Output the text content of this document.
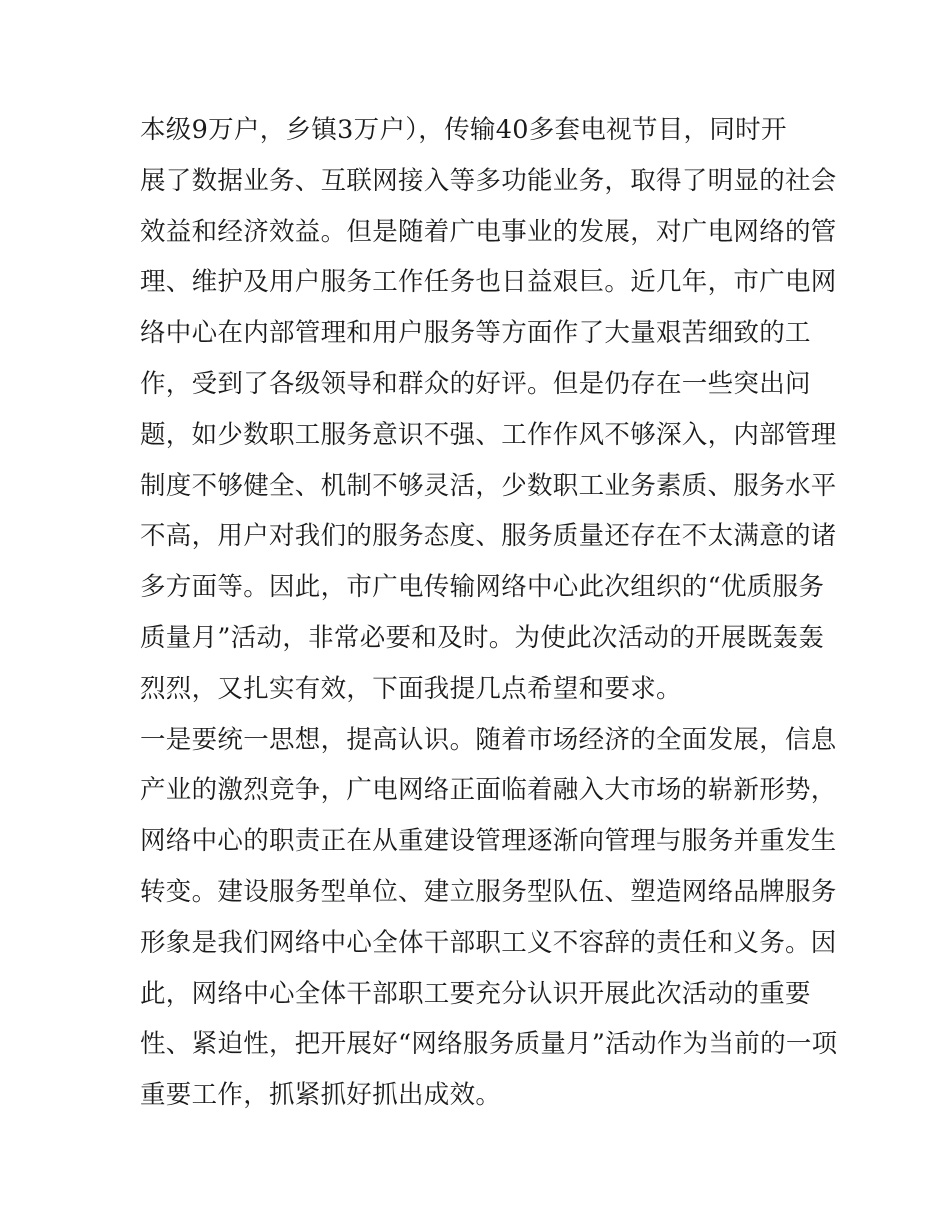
本级9万户，乡镇3万户），传输40多套电视节目，同时开
展了数据业务、互联网接入等多功能业务，取得了明显的社会
效益和经济效益。但是随着广电事业的发展，对广电网络的管
理、维护及用户服务工作任务也日益艰巨。近几年，市广电网
络中心在内部管理和用户服务等方面作了大量艰苦细致的工
作，受到了各级领导和群众的好评。但是仍存在一些突出问
题，如少数职工服务意识不强、工作作风不够深入，内部管理
制度不够健全、机制不够灵活，少数职工业务素质、服务水平
不高，用户对我们的服务态度、服务质量还存在不太满意的诸
多方面等。因此，市广电传输网络中心此次组织的“优质服务
质量月”活动，非常必要和及时。为使此次活动的开展既轰轰
烈烈，又扎实有效，下面我提几点希望和要求。
一是要统一思想，提高认识。随着市场经济的全面发展，信息
产业的激烈竞争，广电网络正面临着融入大市场的崭新形势，
网络中心的职责正在从重建设管理逐渐向管理与服务并重发生
转变。建设服务型单位、建立服务型队伍、塑造网络品牌服务
形象是我们网络中心全体干部职工义不容辞的责任和义务。因
此，网络中心全体干部职工要充分认识开展此次活动的重要
性、紧迫性，把开展好“网络服务质量月”活动作为当前的一项
重要工作，抓紧抓好抓出成效。
